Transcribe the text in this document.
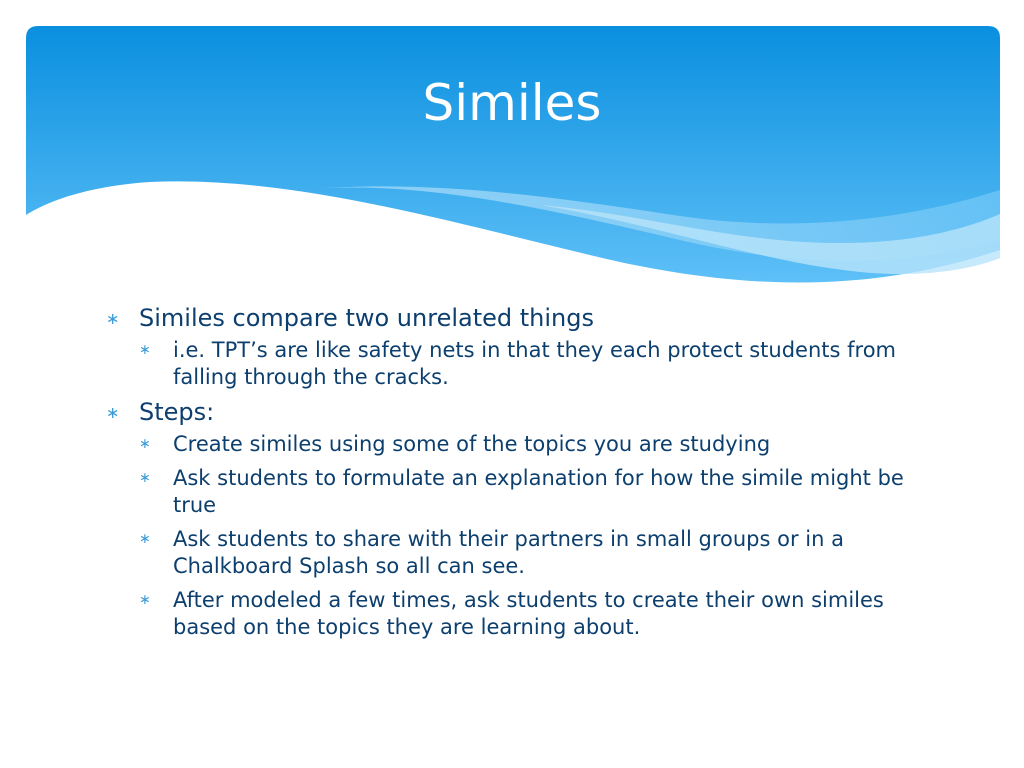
Similes
∗ Similes compare two unrelated things
∗ i.e. TPT’s are like safety nets in that they each protect students from falling through the cracks.
∗ Steps:
∗ Create similes using some of the topics you are studying
∗ Ask students to formulate an explanation for how the simile might be true
∗ Ask students to share with their partners in small groups or in a Chalkboard Splash so all can see.
∗ After modeled a few times, ask students to create their own similes based on the topics they are learning about.
